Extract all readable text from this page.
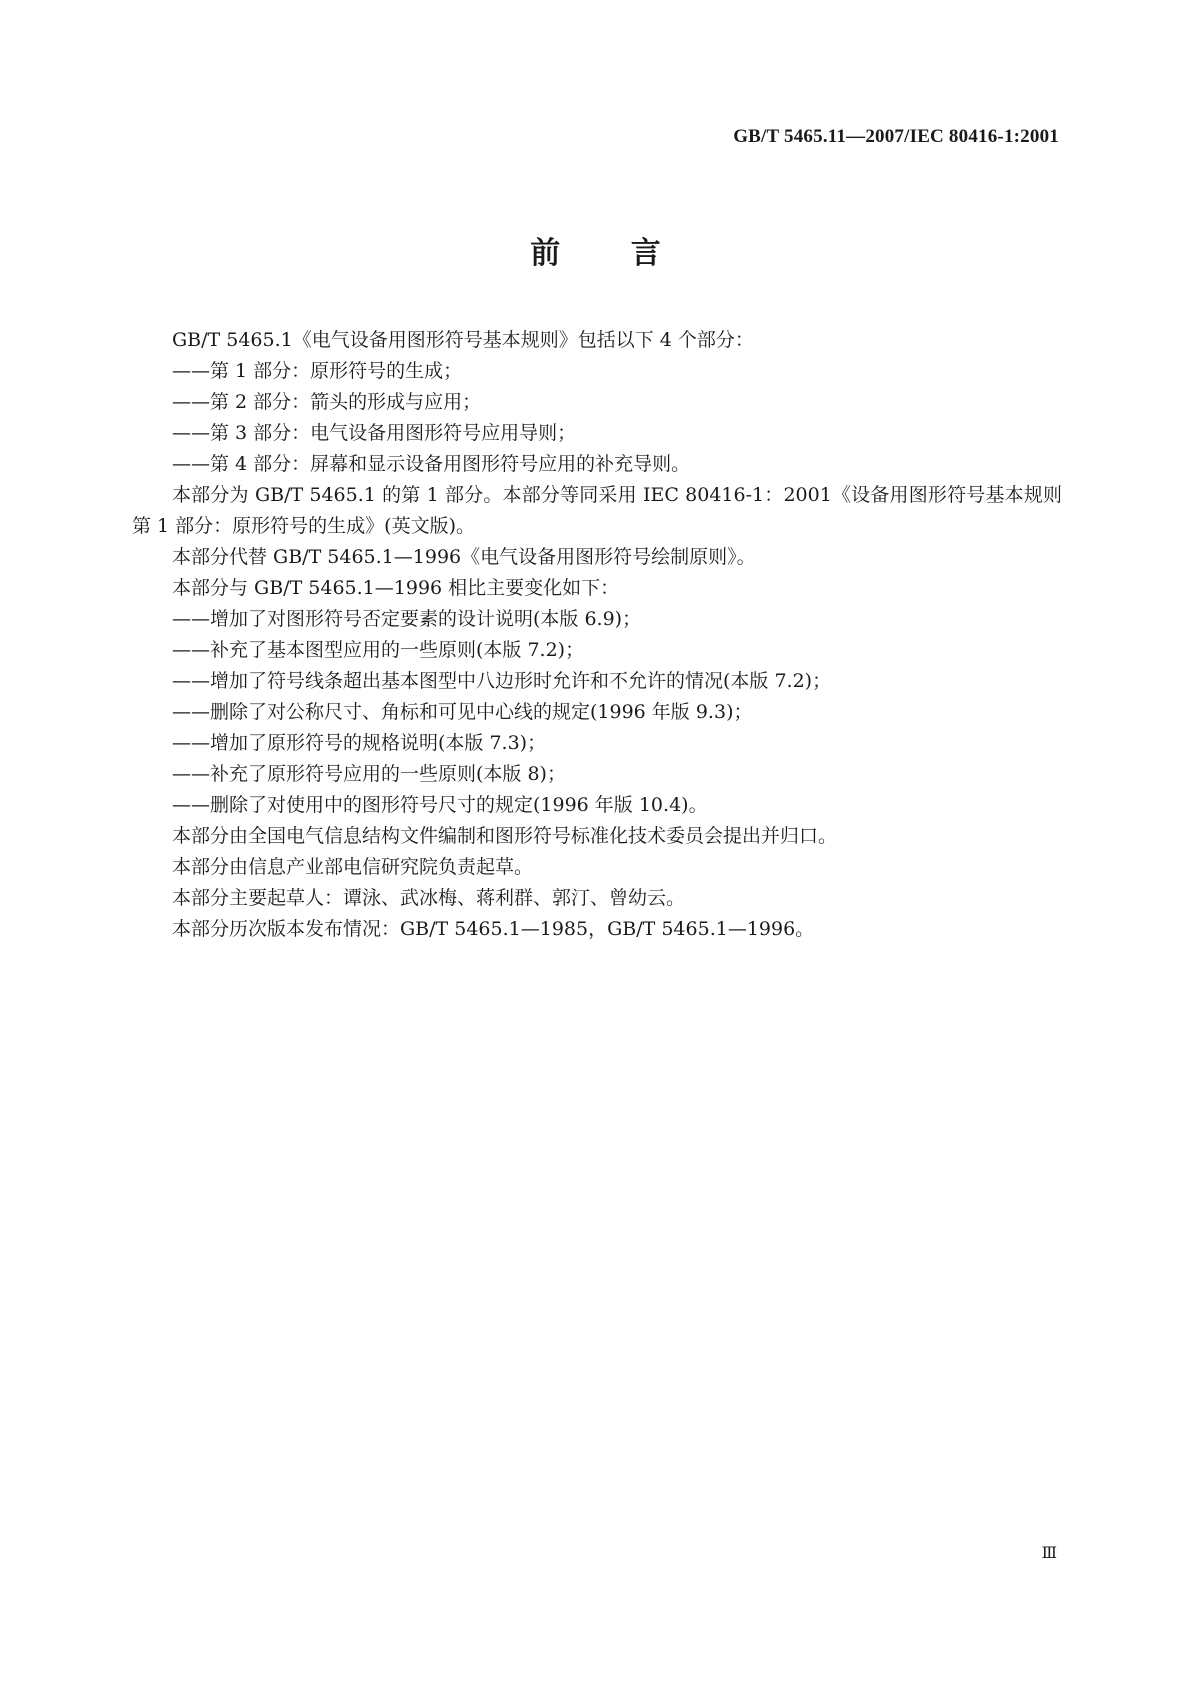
GB/T 5465.11—2007/IEC 80416-1:2001
前 言

GB/T 5465.1《电气设备用图形符号基本规则》包括以下 4 个部分：

——第 1 部分：原形符号的生成；

——第 2 部分：箭头的形成与应用；

——第 3 部分：电气设备用图形符号应用导则；

——第 4 部分：屏幕和显示设备用图形符号应用的补充导则。

本部分为 GB/T 5465.1 的第 1 部分。本部分等同采用 IEC 80416-1：2001《设备用图形符号基本规则 第 1 部分：原形符号的生成》(英文版)。

本部分代替 GB/T 5465.1—1996《电气设备用图形符号绘制原则》。

本部分与 GB/T 5465.1—1996 相比主要变化如下：

——增加了对图形符号否定要素的设计说明(本版 6.9)；

——补充了基本图型应用的一些原则(本版 7.2)；

——增加了符号线条超出基本图型中八边形时允许和不允许的情况(本版 7.2)；

——删除了对公称尺寸、角标和可见中心线的规定(1996 年版 9.3)；

——增加了原形符号的规格说明(本版 7.3)；

——补充了原形符号应用的一些原则(本版 8)；

——删除了对使用中的图形符号尺寸的规定(1996 年版 10.4)。

本部分由全国电气信息结构文件编制和图形符号标准化技术委员会提出并归口。

本部分由信息产业部电信研究院负责起草。

本部分主要起草人：谭泳、武冰梅、蒋利群、郭汀、曾幼云。

本部分历次版本发布情况：GB/T 5465.1—1985，GB/T 5465.1—1996。

Ⅲ
